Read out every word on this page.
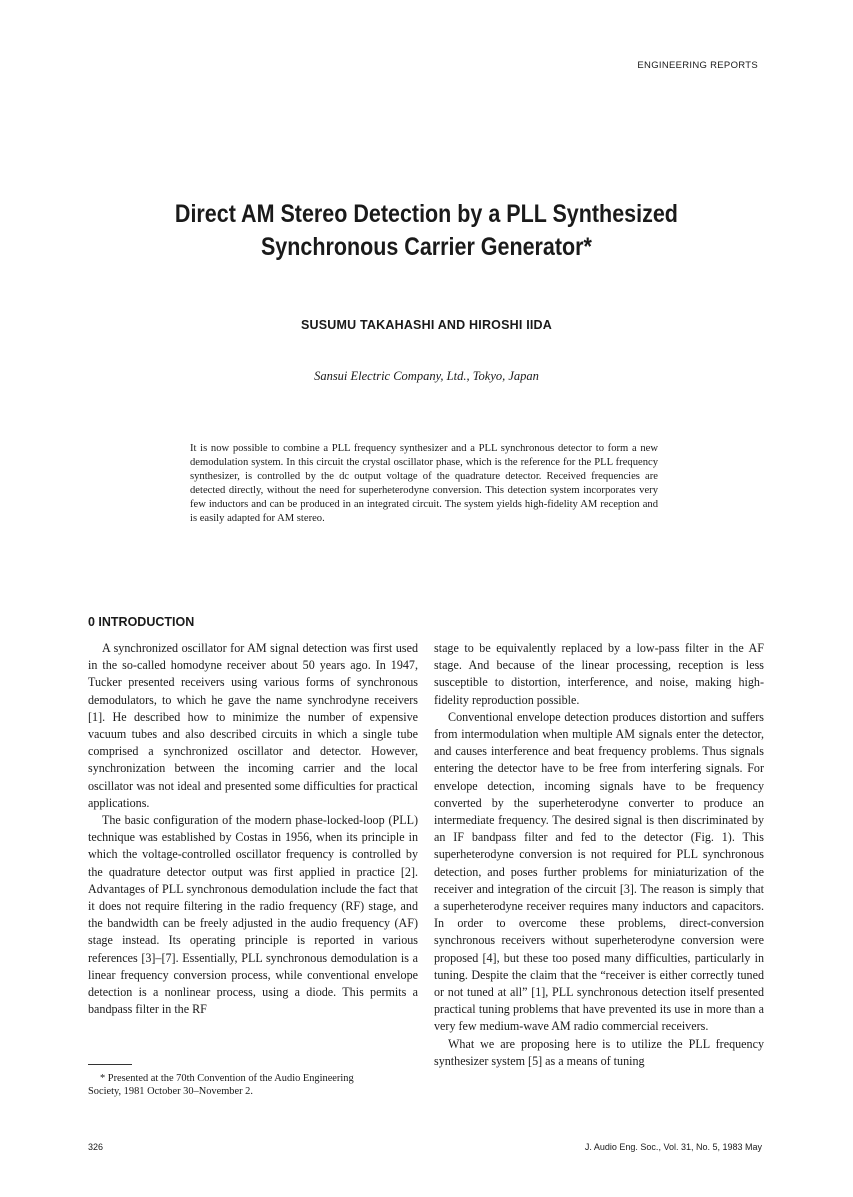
ENGINEERING REPORTS
Direct AM Stereo Detection by a PLL Synthesized
Synchronous Carrier Generator*
SUSUMU TAKAHASHI AND HIROSHI IIDA
Sansui Electric Company, Ltd., Tokyo, Japan
It is now possible to combine a PLL frequency synthesizer and a PLL synchronous detector to form a new demodulation system. In this circuit the crystal oscillator phase, which is the reference for the PLL frequency synthesizer, is controlled by the dc output voltage of the quadrature detector. Received frequencies are detected directly, without the need for superheterodyne conversion. This detection system incorporates very few inductors and can be produced in an integrated circuit. The system yields high-fidelity AM reception and is easily adapted for AM stereo.
0 INTRODUCTION

A synchronized oscillator for AM signal detection was first used in the so-called homodyne receiver about 50 years ago. In 1947, Tucker presented receivers using various forms of synchronous demodulators, to which he gave the name synchrodyne receivers [1]. He described how to minimize the number of expensive vacuum tubes and also described circuits in which a single tube comprised a synchronized oscillator and detector. However, synchronization between the incoming carrier and the local oscillator was not ideal and presented some difficulties for practical applications.

The basic configuration of the modern phase-locked-loop (PLL) technique was established by Costas in 1956, when its principle in which the voltage-controlled oscillator frequency is controlled by the quadrature detector output was first applied in practice [2]. Advantages of PLL synchronous demodulation include the fact that it does not require filtering in the radio frequency (RF) stage, and the bandwidth can be freely adjusted in the audio frequency (AF) stage instead. Its operating principle is reported in various references [3]–[7]. Essentially, PLL synchronous demodulation is a linear frequency conversion process, while conventional envelope detection is a nonlinear process, using a diode. This permits a bandpass filter in the RF

stage to be equivalently replaced by a low-pass filter in the AF stage. And because of the linear processing, reception is less susceptible to distortion, interference, and noise, making high-fidelity reproduction possible.

Conventional envelope detection produces distortion and suffers from intermodulation when multiple AM signals enter the detector, and causes interference and beat frequency problems. Thus signals entering the detector have to be free from interfering signals. For envelope detection, incoming signals have to be frequency converted by the superheterodyne converter to produce an intermediate frequency. The desired signal is then discriminated by an IF bandpass filter and fed to the detector (Fig. 1). This superheterodyne conversion is not required for PLL synchronous detection, and poses further problems for miniaturization of the receiver and integration of the circuit [3]. The reason is simply that a superheterodyne receiver requires many inductors and capacitors. In order to overcome these problems, direct-conversion synchronous receivers without superheterodyne conversion were proposed [4], but these too posed many difficulties, particularly in tuning. Despite the claim that the “receiver is either correctly tuned or not tuned at all” [1], PLL synchronous detection itself presented practical tuning problems that have prevented its use in more than a very few medium-wave AM radio commercial receivers.

What we are proposing here is to utilize the PLL frequency synthesizer system [5] as a means of tuning

* Presented at the 70th Convention of the Audio Engineering
Society, 1981 October 30–November 2.
326	J. Audio Eng. Soc., Vol. 31, No. 5, 1983 May
